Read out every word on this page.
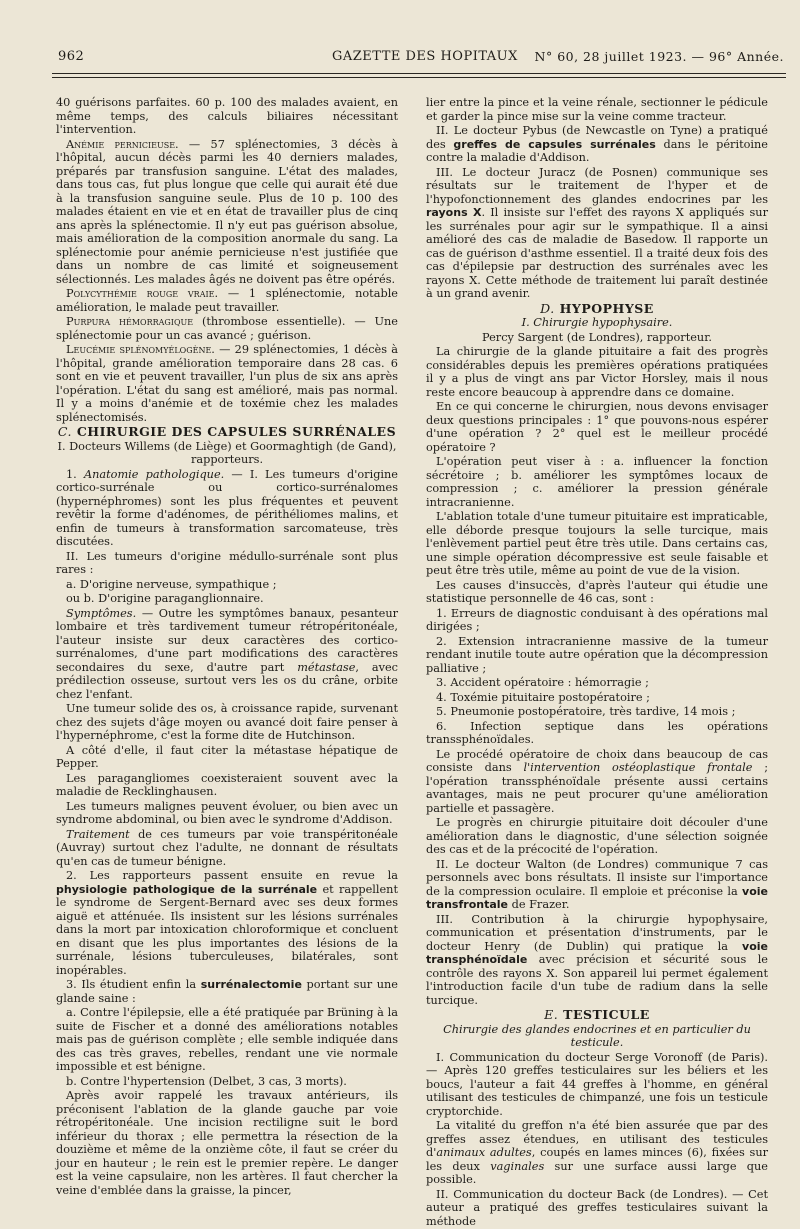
962	GAZETTE DES HOPITAUX N° 60, 28 juillet 1923. — 96° Année.

40 guérisons parfaites. 60 p. 100 des malades avaient, en même temps, des calculs biliaires nécessitant l'intervention.

Anémie pernicieuse. — 57 splénectomies, 3 décès à l'hôpital, aucun décès parmi les 40 derniers malades, préparés par transfusion sanguine. L'état des malades, dans tous cas, fut plus longue que celle qui aurait été due à la transfusion sanguine seule. Plus de 10 p. 100 des malades étaient en vie et en état de travailler plus de cinq ans après la splénectomie. Il n'y eut pas guérison absolue, mais amélioration de la composition anormale du sang. La splénectomie pour anémie pernicieuse n'est justifiée que dans un nombre de cas limité et soigneusement sélectionnés. Les malades âgés ne doivent pas être opérés.

Polycythémie rouge vraie. — 1 splénectomie, notable amélioration, le malade peut travailler.

Purpura hémorragique (thrombose essentielle). — Une splénectomie pour un cas avancé ; guérison.

Leucémie splénomyélogène. — 29 splénectomies, 1 décès à l'hôpital, grande amélioration temporaire dans 28 cas. 6 sont en vie et peuvent travailler, l'un plus de six ans après l'opération. L'état du sang est amélioré, mais pas normal. Il y a moins d'anémie et de toxémie chez les malades splénectomisés.

C. CHIRURGIE DES CAPSULES SURRÉNALES

I. Docteurs Willems (de Liège) et Goormaghtigh (de Gand), rapporteurs.

1. Anatomie pathologique. — I. Les tumeurs d'origine cortico-surrénale ou cortico-surrénalomes (hypernéphromes) sont les plus fréquentes et peuvent revêtir la forme d'adénomes, de périthéliomes malins, et enfin de tumeurs à transformation sarcomateuse, très discutées.

II. Les tumeurs d'origine médullo-surrénale sont plus rares :

a. D'origine nerveuse, sympathique ;

ou b. D'origine paraganglionnaire.

Symptômes. — Outre les symptômes banaux, pesanteur lombaire et très tardivement tumeur rétropéritonéale, l'auteur insiste sur deux caractères des cortico-surrénalomes, d'une part modifications des caractères secondaires du sexe, d'autre part métastase, avec prédilection osseuse, surtout vers les os du crâne, orbite chez l'enfant.

Une tumeur solide des os, à croissance rapide, survenant chez des sujets d'âge moyen ou avancé doit faire penser à l'hypernéphrome, c'est la forme dite de Hutchinson.

A côté d'elle, il faut citer la métastase hépatique de Pepper.

Les paragangliomes coexisteraient souvent avec la maladie de Recklinghausen.

Les tumeurs malignes peuvent évoluer, ou bien avec un syndrome abdominal, ou bien avec le syndrome d'Addison.

Traitement de ces tumeurs par voie transpéritonéale (Auvray) surtout chez l'adulte, ne donnant de résultats qu'en cas de tumeur bénigne.

2. Les rapporteurs passent ensuite en revue la physiologie pathologique de la surrénale et rappellent le syndrome de Sergent-Bernard avec ses deux formes aiguë et atténuée. Ils insistent sur les lésions surrénales dans la mort par intoxication chloroformique et concluent en disant que les plus importantes des lésions de la surrénale, lésions tuberculeuses, bilatérales, sont inopérables.

3. Ils étudient enfin la surrénalectomie portant sur une glande saine :

a. Contre l'épilepsie, elle a été pratiquée par Brüning à la suite de Fischer et a donné des améliorations notables mais pas de guérison complète ; elle semble indiquée dans des cas très graves, rebelles, rendant une vie normale impossible et est bénigne.

b. Contre l'hypertension (Delbet, 3 cas, 3 morts).

Après avoir rappelé les travaux antérieurs, ils préconisent l'ablation de la glande gauche par voie rétropéritonéale. Une incision rectiligne suit le bord inférieur du thorax ; elle permettra la résection de la douzième et même de la onzième côte, il faut se créer du jour en hauteur ; le rein est le premier repère. Le danger est la veine capsulaire, non les artères. Il faut chercher la veine d'emblée dans la graisse, la pincer,

lier entre la pince et la veine rénale, sectionner le pédicule et garder la pince mise sur la veine comme tracteur.

II. Le docteur Pybus (de Newcastle on Tyne) a pratiqué des greffes de capsules surrénales dans le péritoine contre la maladie d'Addison.

III. Le docteur Juracz (de Posnen) communique ses résultats sur le traitement de l'hyper et de l'hypofonctionnement des glandes endocrines par les rayons X. Il insiste sur l'effet des rayons X appliqués sur les surrénales pour agir sur le sympathique. Il a ainsi amélioré des cas de maladie de Basedow. Il rapporte un cas de guérison d'asthme essentiel. Il a traité deux fois des cas d'épilepsie par destruction des surrénales avec les rayons X. Cette méthode de traitement lui paraît destinée à un grand avenir.

D. HYPOPHYSE

I. Chirurgie hypophysaire.

Percy Sargent (de Londres), rapporteur.

La chirurgie de la glande pituitaire a fait des progrès considérables depuis les premières opérations pratiquées il y a plus de vingt ans par Victor Horsley, mais il nous reste encore beaucoup à apprendre dans ce domaine.

En ce qui concerne le chirurgien, nous devons envisager deux questions principales : 1° que pouvons-nous espérer d'une opération ? 2° quel est le meilleur procédé opératoire ?

L'opération peut viser à : a. influencer la fonction sécrétoire ; b. améliorer les symptômes locaux de compression ; c. améliorer la pression générale intracranienne.

L'ablation totale d'une tumeur pituitaire est impraticable, elle déborde presque toujours la selle turcique, mais l'enlèvement partiel peut être très utile. Dans certains cas, une simple opération décompressive est seule faisable et peut être très utile, même au point de vue de la vision.

Les causes d'insuccès, d'après l'auteur qui étudie une statistique personnelle de 46 cas, sont :

1. Erreurs de diagnostic conduisant à des opérations mal dirigées ;

2. Extension intracranienne massive de la tumeur rendant inutile toute autre opération que la décompression palliative ;

3. Accident opératoire : hémorragie ;

4. Toxémie pituitaire postopératoire ;

5. Pneumonie postopératoire, très tardive, 14 mois ;

6. Infection septique dans les opérations transsphénoïdales.

Le procédé opératoire de choix dans beaucoup de cas consiste dans l'intervention ostéoplastique frontale ; l'opération transsphénoïdale présente aussi certains avantages, mais ne peut procurer qu'une amélioration partielle et passagère.

Le progrès en chirurgie pituitaire doit découler d'une amélioration dans le diagnostic, d'une sélection soignée des cas et de la précocité de l'opération.

II. Le docteur Walton (de Londres) communique 7 cas personnels avec bons résultats. Il insiste sur l'importance de la compression oculaire. Il emploie et préconise la voie transfrontale de Frazer.

III. Contribution à la chirurgie hypophysaire, communication et présentation d'instruments, par le docteur Henry (de Dublin) qui pratique la voie transphénoïdale avec précision et sécurité sous le contrôle des rayons X. Son appareil lui permet également l'introduction facile d'un tube de radium dans la selle turcique.

E. TESTICULE

Chirurgie des glandes endocrines et en particulier du testicule.

I. Communication du docteur Serge Voronoff (de Paris). — Après 120 greffes testiculaires sur les béliers et les boucs, l'auteur a fait 44 greffes à l'homme, en général utilisant des testicules de chimpanzé, une fois un testicule cryptorchide.

La vitalité du greffon n'a été bien assurée que par des greffes assez étendues, en utilisant des testicules d'animaux adultes, coupés en lames minces (6), fixées sur les deux vaginales sur une surface aussi large que possible.

II. Communication du docteur Back (de Londres). — Cet auteur a pratiqué des greffes testiculaires suivant la méthode
